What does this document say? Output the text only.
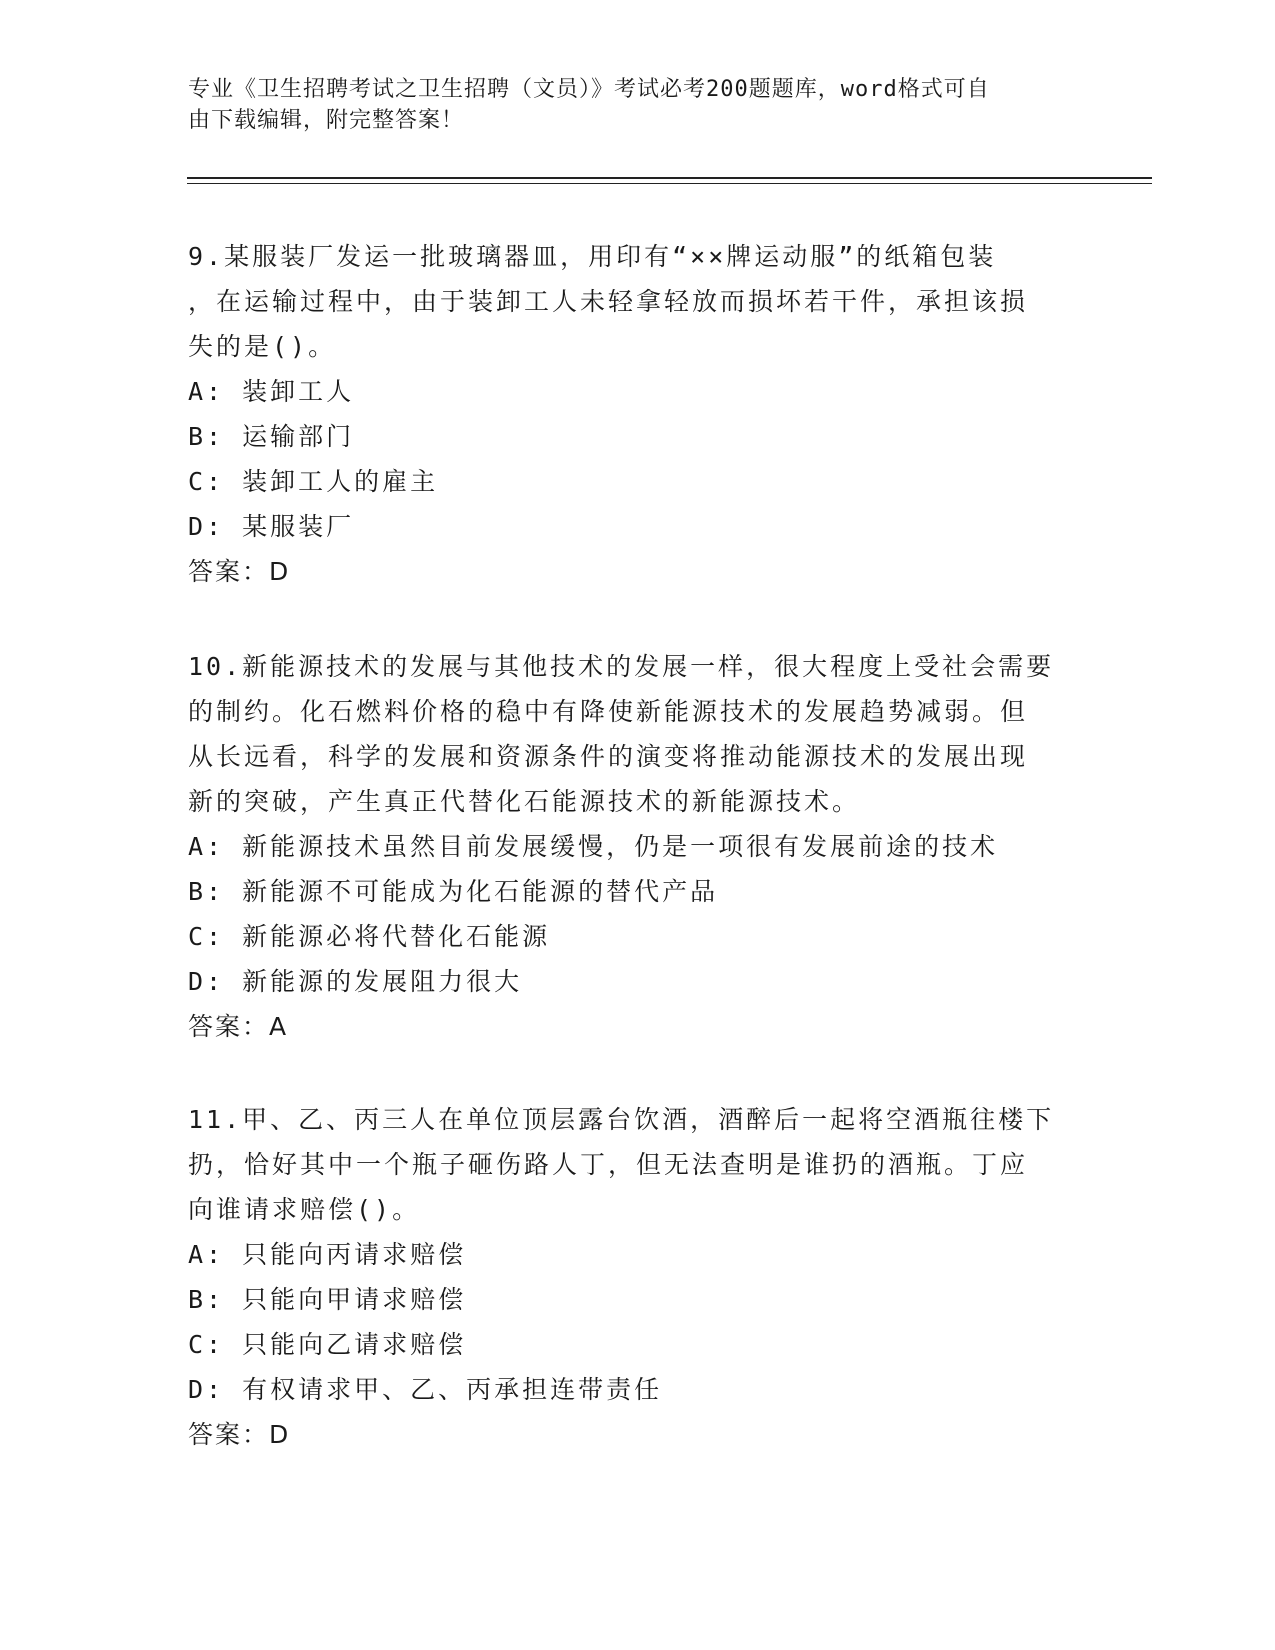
专业《卫生招聘考试之卫生招聘（文员）》考试必考200题题库，word格式可自
由下载编辑，附完整答案！
9.某服装厂发运一批玻璃器皿，用印有“××牌运动服”的纸箱包装
，在运输过程中，由于装卸工人未轻拿轻放而损坏若干件，承担该损
失的是()。
A: 装卸工人
B: 运输部门
C: 装卸工人的雇主
D: 某服装厂
答案：D
10.新能源技术的发展与其他技术的发展一样，很大程度上受社会需要
的制约。化石燃料价格的稳中有降使新能源技术的发展趋势减弱。但
从长远看，科学的发展和资源条件的演变将推动能源技术的发展出现
新的突破，产生真正代替化石能源技术的新能源技术。
A: 新能源技术虽然目前发展缓慢，仍是一项很有发展前途的技术
B: 新能源不可能成为化石能源的替代产品
C: 新能源必将代替化石能源
D: 新能源的发展阻力很大
答案：A
11.甲、乙、丙三人在单位顶层露台饮酒，酒醉后一起将空酒瓶往楼下
扔，恰好其中一个瓶子砸伤路人丁，但无法查明是谁扔的酒瓶。丁应
向谁请求赔偿()。
A: 只能向丙请求赔偿
B: 只能向甲请求赔偿
C: 只能向乙请求赔偿
D: 有权请求甲、乙、丙承担连带责任
答案：D
